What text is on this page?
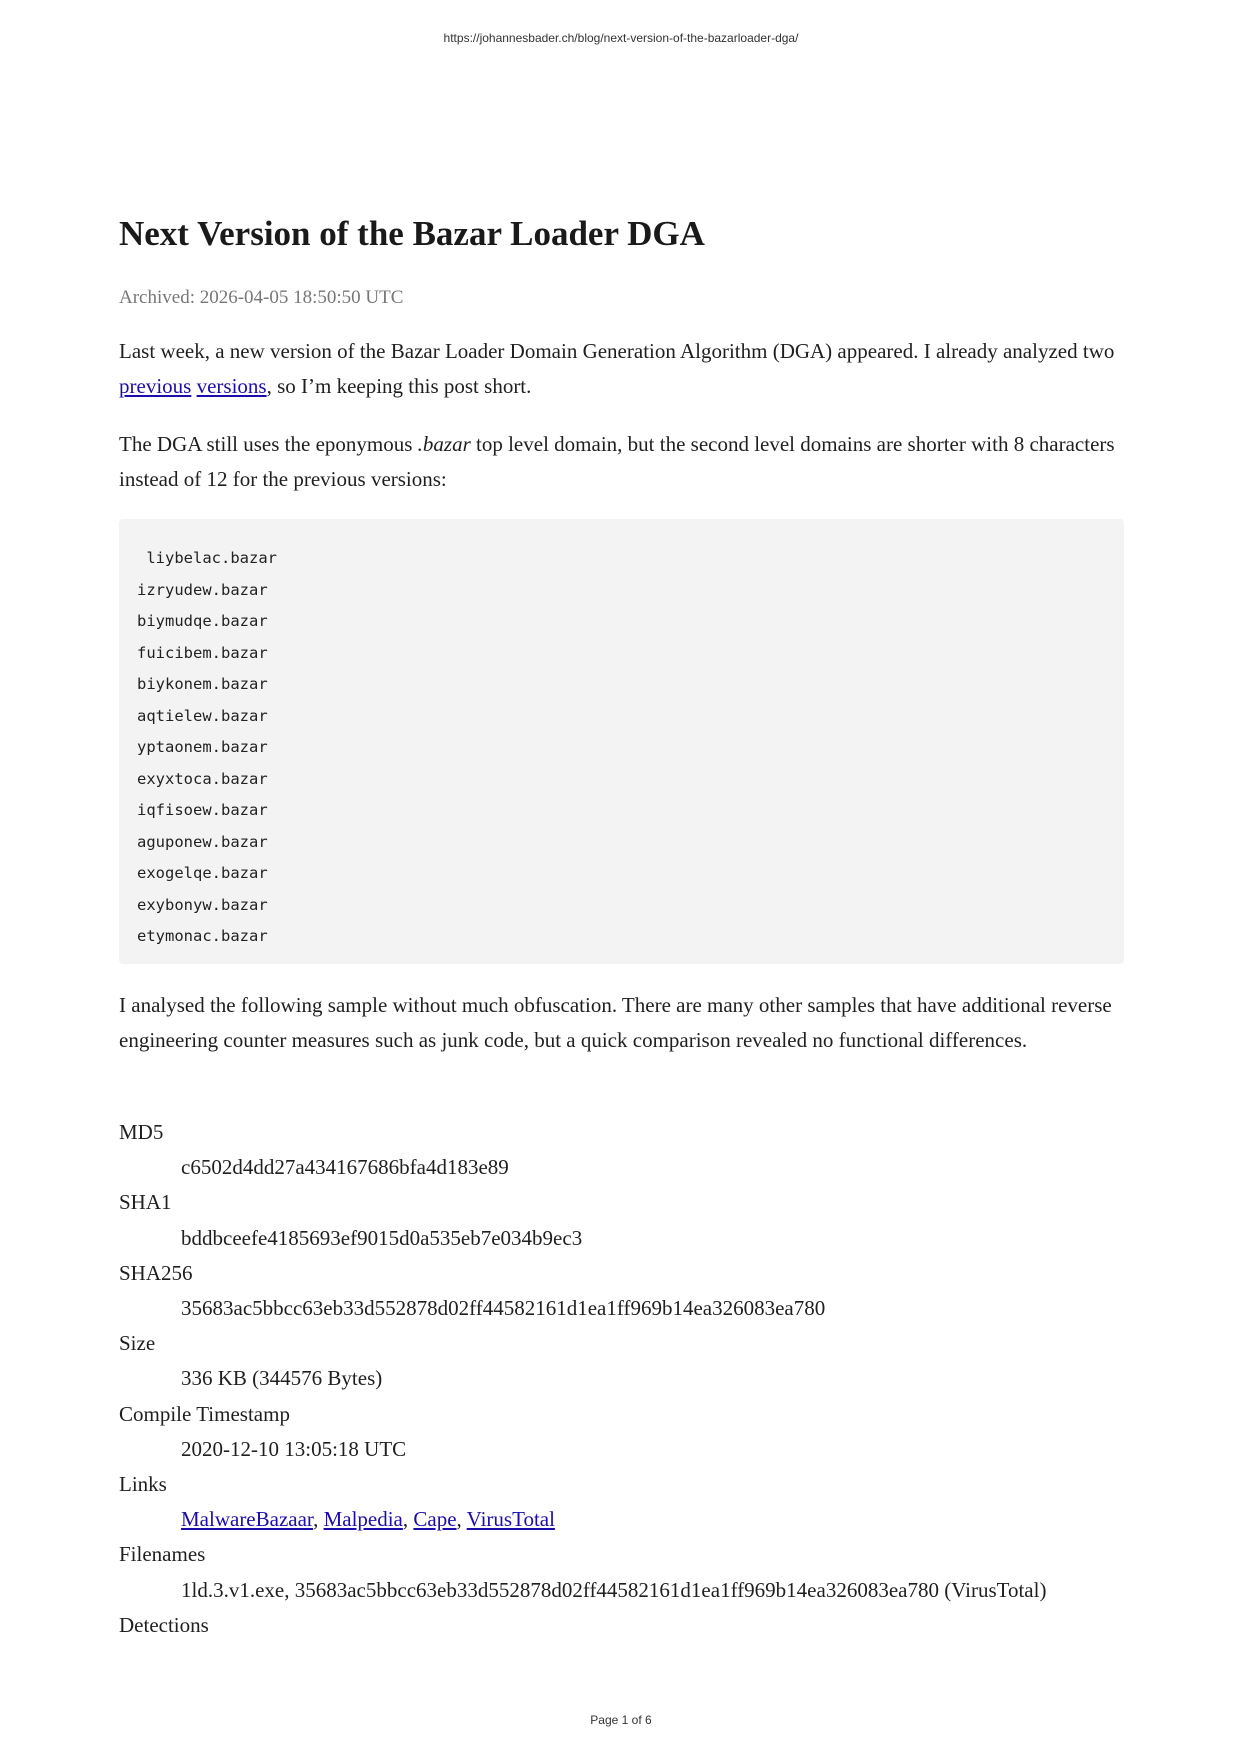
https://johannesbader.ch/blog/next-version-of-the-bazarloader-dga/
Next Version of the Bazar Loader DGA
Archived: 2026-04-05 18:50:50 UTC

Last week, a new version of the Bazar Loader Domain Generation Algorithm (DGA) appeared. I already analyzed two previous versions, so I’m keeping this post short.

The DGA still uses the eponymous .bazar top level domain, but the second level domains are shorter with 8 characters instead of 12 for the previous versions:

liybelac.bazar
izryudew.bazar
biymudqe.bazar
fuicibem.bazar
biykonem.bazar
aqtielew.bazar
yptaonem.bazar
exyxtoca.bazar
iqfisoew.bazar
aguponew.bazar
exogelqe.bazar
exybonyw.bazar
etymonac.bazar

I analysed the following sample without much obfuscation. There are many other samples that have additional reverse engineering counter measures such as junk code, but a quick comparison revealed no functional differences.

MD5
c6502d4dd27a434167686bfa4d183e89
SHA1
bddbceefe4185693ef9015d0a535eb7e034b9ec3
SHA256
35683ac5bbcc63eb33d552878d02ff44582161d1ea1ff969b14ea326083ea780
Size
336 KB (344576 Bytes)
Compile Timestamp
2020-12-10 13:05:18 UTC
Links
MalwareBazaar, Malpedia, Cape, VirusTotal
Filenames
1ld.3.v1.exe, 35683ac5bbcc63eb33d552878d02ff44582161d1ea1ff969b14ea326083ea780 (VirusTotal)
Detections
Page 1 of 6
